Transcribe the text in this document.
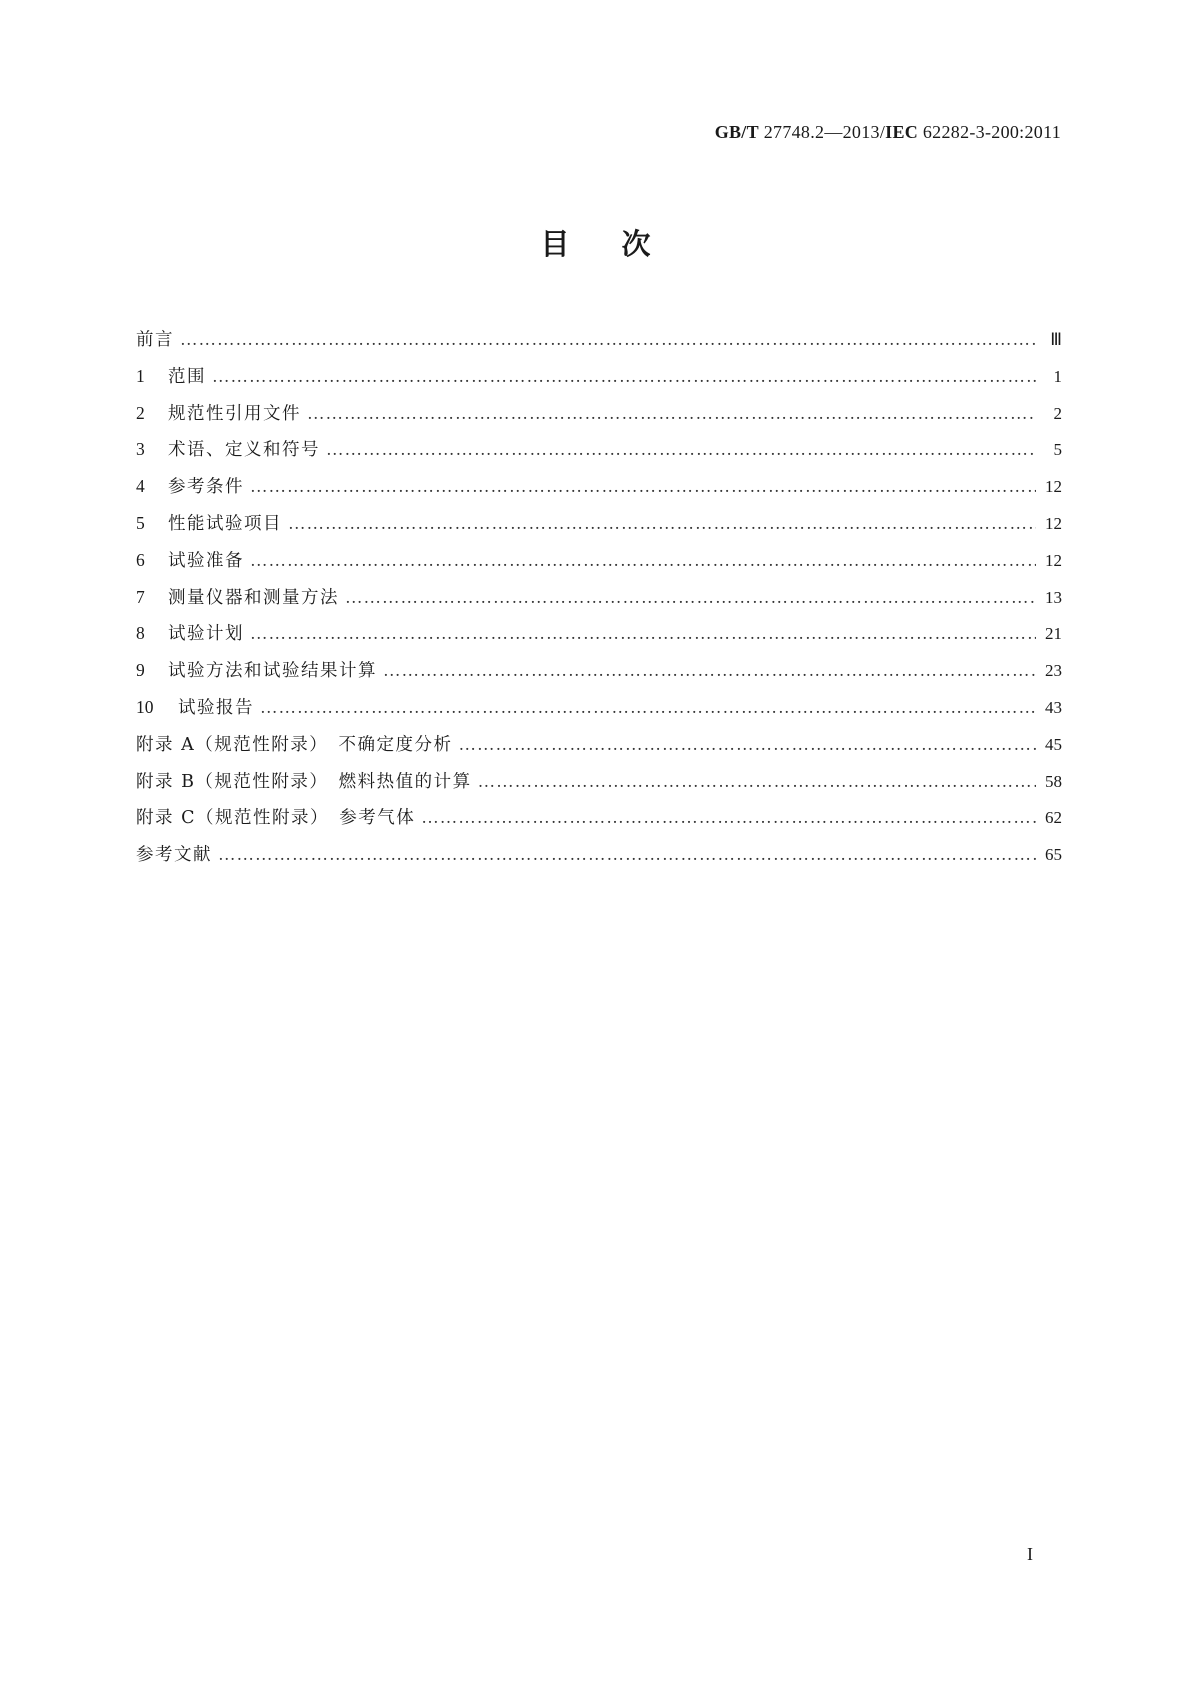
GB/T 27748.2—2013/IEC 62282-3-200:2011
目次
前言 …………………………………………………………………………………………………………………………………………………………………………………………………………	Ⅲ
1	范围 …………………………………………………………………………………………………………………………………………………………………………………………………………	1
2	规范性引用文件 …………………………………………………………………………………………………………………………………………………………………………………………………………	2
3	术语、定义和符号 …………………………………………………………………………………………………………………………………………………………………………………………………………	5
4	参考条件 …………………………………………………………………………………………………………………………………………………………………………………………………………	12
5	性能试验项目 …………………………………………………………………………………………………………………………………………………………………………………………………………	12
6	试验准备 …………………………………………………………………………………………………………………………………………………………………………………………………………	12
7	测量仪器和测量方法 …………………………………………………………………………………………………………………………………………………………………………………………………………	13
8	试验计划 …………………………………………………………………………………………………………………………………………………………………………………………………………	21
9	试验方法和试验结果计算 …………………………………………………………………………………………………………………………………………………………………………………………………………	23
10	试验报告 …………………………………………………………………………………………………………………………………………………………………………………………………………	43
附录 A（规范性附录）　不确定度分析 …………………………………………………………………………………………………………………………………………………………………………………………………………	45
附录 B（规范性附录）　燃料热值的计算 …………………………………………………………………………………………………………………………………………………………………………………………………………	58
附录 C（规范性附录）　参考气体 …………………………………………………………………………………………………………………………………………………………………………………………………………	62
参考文献 …………………………………………………………………………………………………………………………………………………………………………………………………………	65
I
